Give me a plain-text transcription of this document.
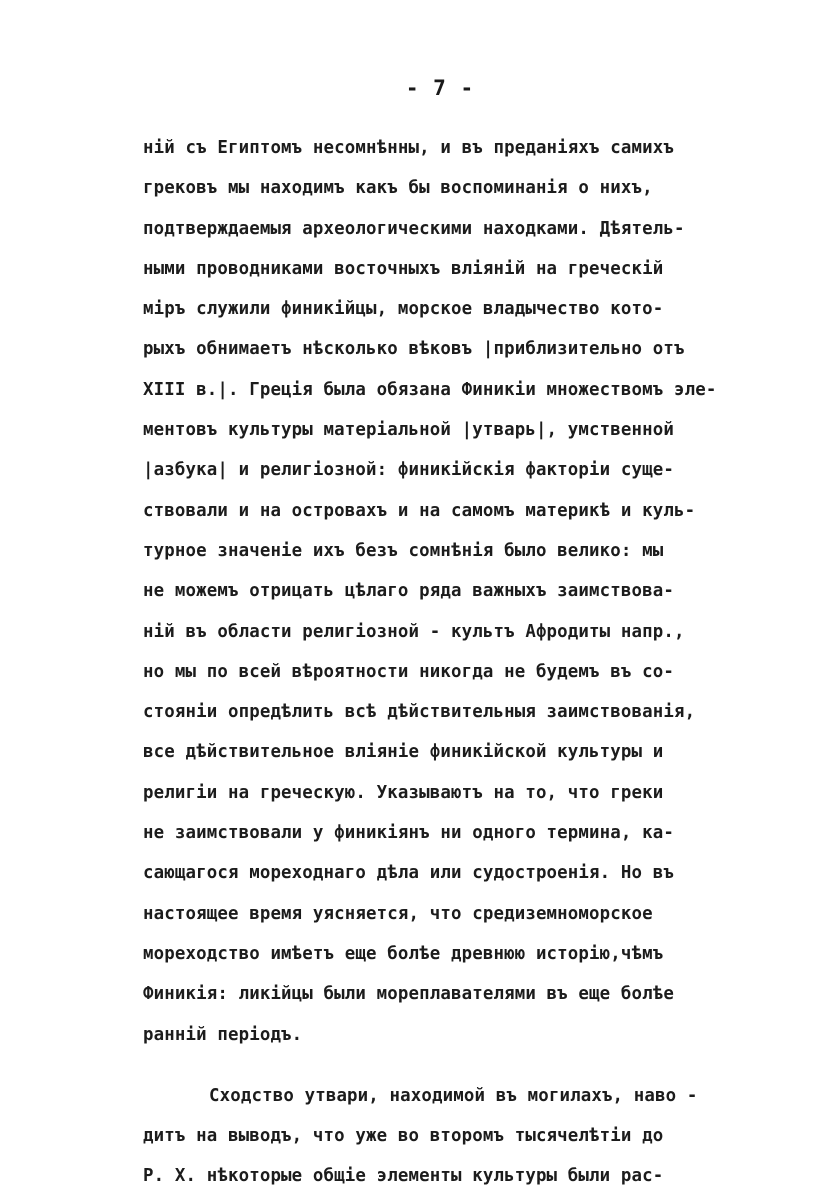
- 7 -
ній съ Египтомъ несомнѣнны, и въ преданіяхъ самихъ
грековъ мы находимъ какъ бы воспоминанія о нихъ,
подтверждаемыя археологическими находками. Дѣятель-
ными проводниками восточныхъ вліяній на греческій
міръ служили финикійцы, морское владычество кото-
рыхъ обнимаетъ нѣсколько вѣковъ |приблизительно отъ
XIII в.|. Греція была обязана Финикіи множествомъ эле-
ментовъ культуры матеріальной |утварь|, умственной
|азбука| и религіозной: финикійскія факторіи суще-
ствовали и на островахъ и на самомъ материкѣ и куль-
турное значеніе ихъ безъ сомнѣнія было велико: мы
не можемъ отрицать цѣлаго ряда важныхъ заимствова-
ній въ области религіозной - культъ Афродиты напр.,
но мы по всей вѣроятности никогда не будемъ въ со-
стояніи опредѣлить всѣ дѣйствительныя заимствованія,
все дѣйствительное вліяніе финикійской культуры и
религіи на греческую. Указываютъ на то, что греки
не заимствовали у финикіянъ ни одного термина, ка-
сающагося мореходнаго дѣла или судостроенія. Но въ
настоящее время уясняется, что средиземноморское
мореходство имѣетъ еще болѣе древнюю исторію,чѣмъ
Финикія: ликійцы были мореплавателями въ еще болѣе
ранній періодъ.
Сходство утвари, находимой въ могилахъ, наво -
дитъ на выводъ, что уже во второмъ тысячелѣтіи до
Р. Х. нѣкоторые общіе элементы культуры были рас-
